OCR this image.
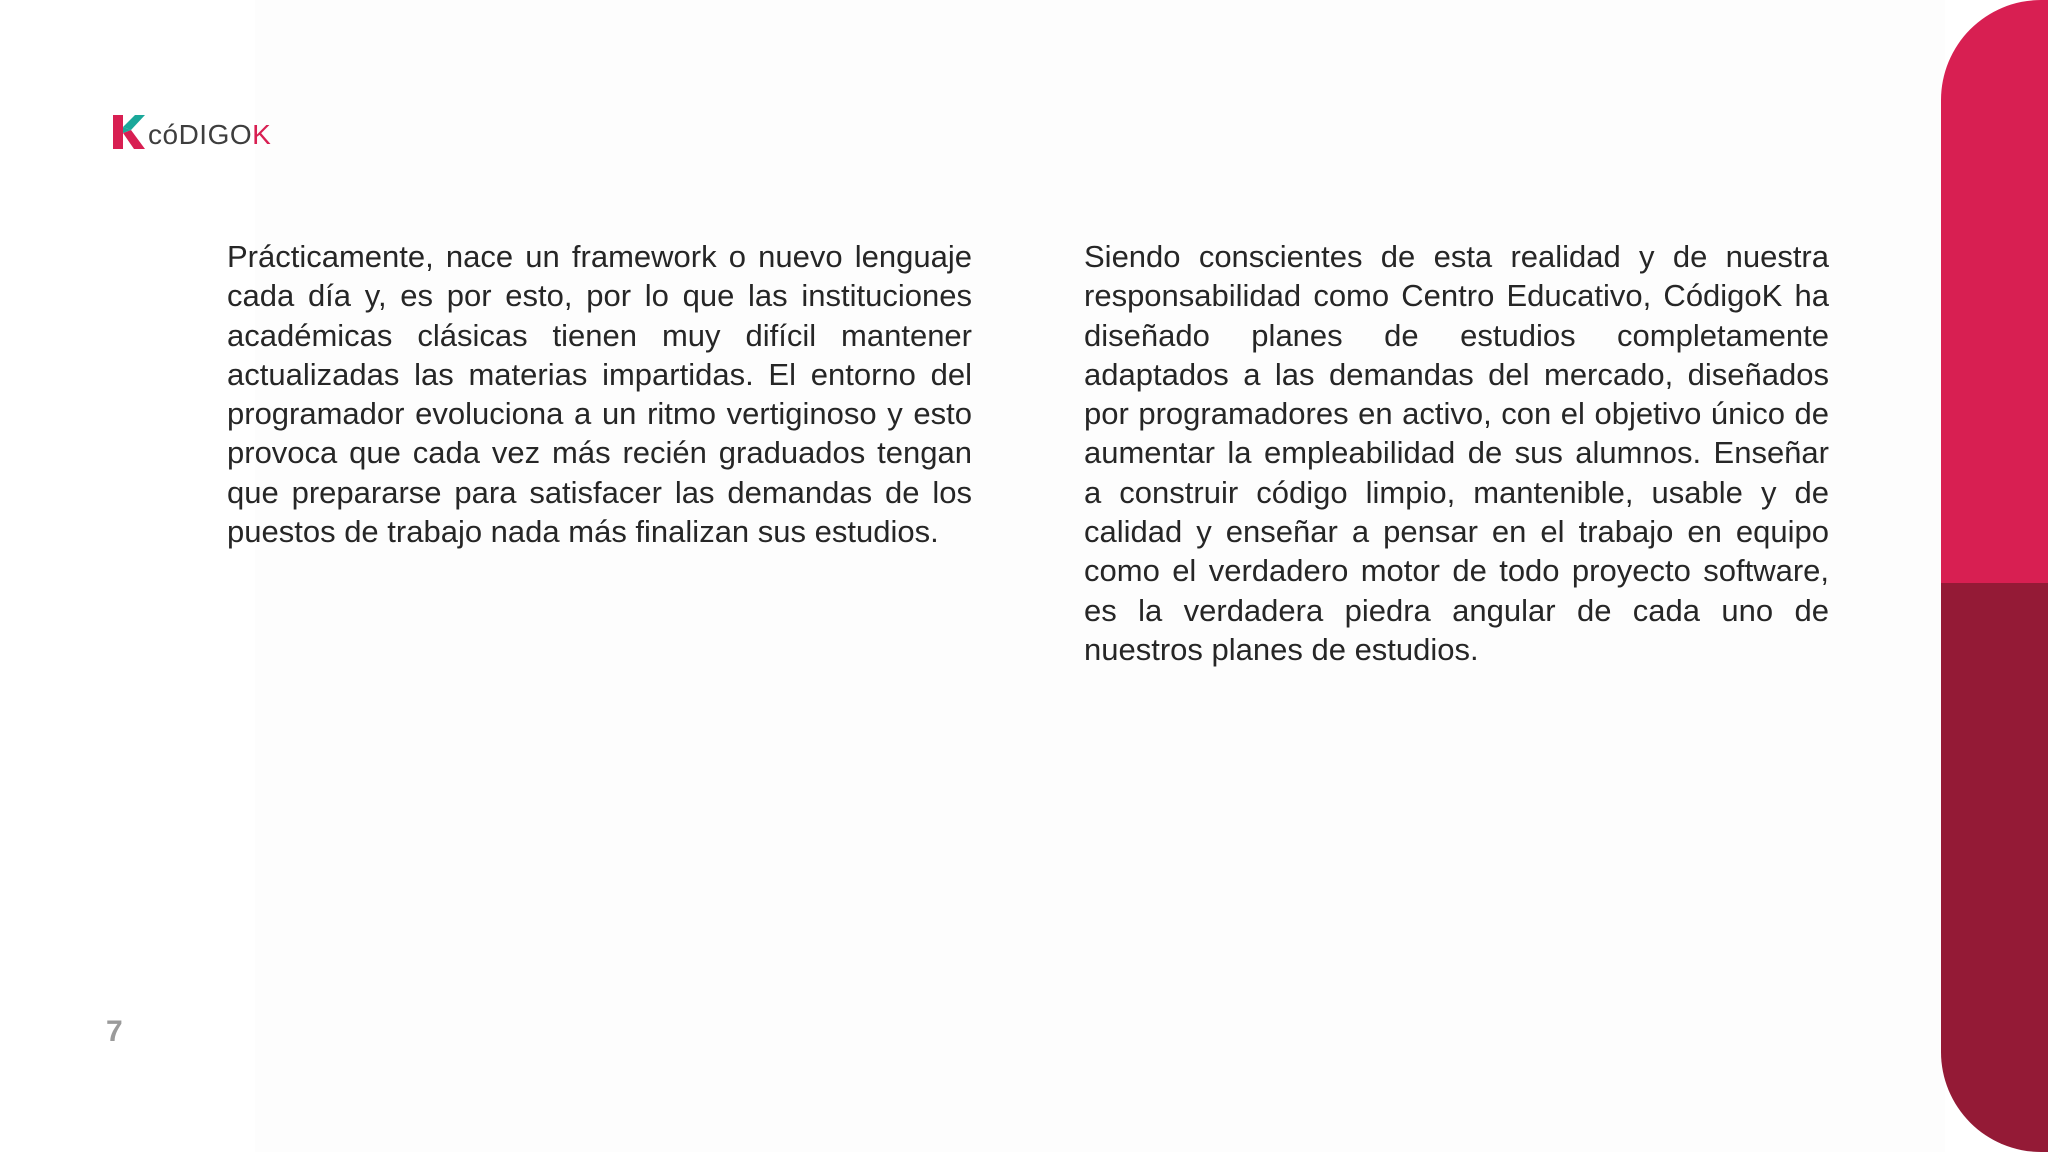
cóDIGOK

Prácticamente, nace un framework o nuevo lenguaje cada día y, es por esto, por lo que las instituciones académicas clásicas tienen muy difícil mantener actualizadas las materias impartidas. El entorno del programador evoluciona a un ritmo vertiginoso y esto provoca que cada vez más recién graduados tengan que prepararse para satisfacer las demandas de los puestos de trabajo nada más finalizan sus estudios.

Siendo conscientes de esta realidad y de nuestra responsabilidad como Centro Educativo, CódigoK ha diseñado planes de estudios completamente adaptados a las demandas del mercado, diseñados por programadores en activo, con el objetivo único de aumentar la empleabilidad de sus alumnos. Enseñar a construir código limpio, mantenible, usable y de calidad y enseñar a pensar en el trabajo en equipo como el verdadero motor de todo proyecto software, es la verdadera piedra angular de cada uno de nuestros planes de estudios.

7
